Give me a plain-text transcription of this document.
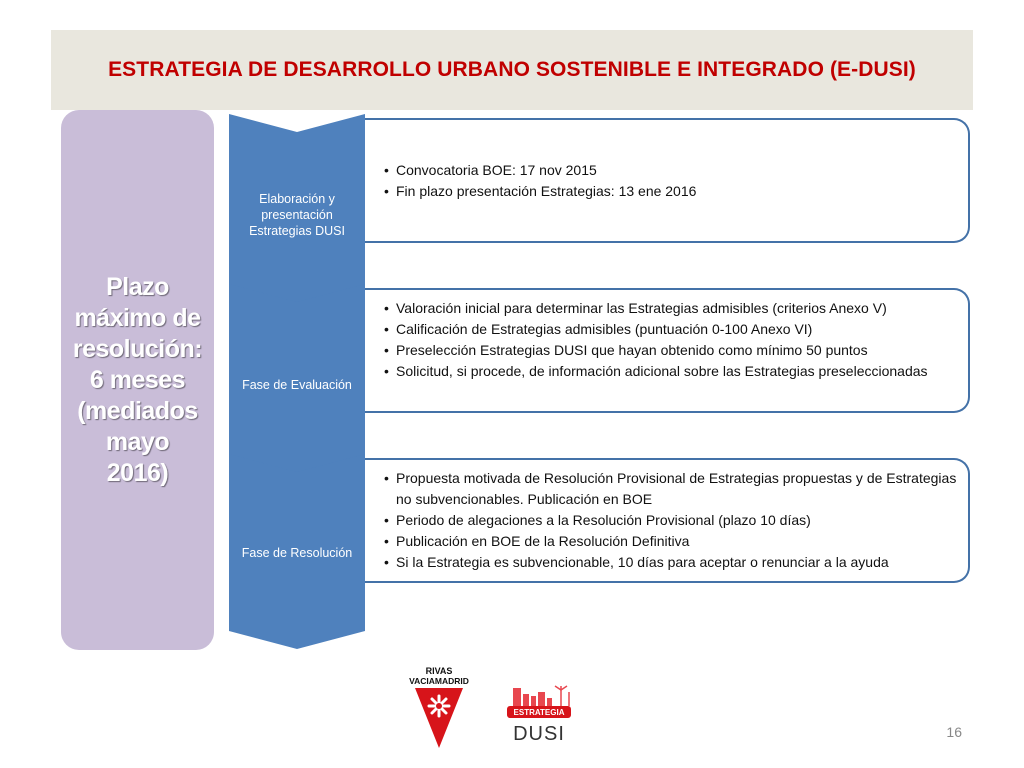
ESTRATEGIA DE DESARROLLO URBANO SOSTENIBLE E INTEGRADO (E-DUSI)
Plazo
máximo de
resolución:
6 meses
(mediados
mayo
2016)
• Convocatoria BOE: 17 nov 2015
• Fin plazo presentación Estrategias: 13 ene 2016
• Valoración inicial para determinar las Estrategias admisibles (criterios Anexo V)
• Calificación de Estrategias admisibles (puntuación 0-100 Anexo VI)
• Preselección Estrategias DUSI que hayan obtenido como mínimo 50 puntos
• Solicitud, si procede, de información adicional sobre las Estrategias preseleccionadas
• Propuesta motivada de Resolución Provisional de Estrategias propuestas y de Estrategias no subvencionables. Publicación en BOE
• Periodo de alegaciones a la Resolución Provisional (plazo 10 días)
• Publicación en BOE de la Resolución Definitiva
• Si la Estrategia es subvencionable, 10 días para aceptar o renunciar a la ayuda
Elaboración y presentación Estrategias DUSI
Fase de Evaluación
Fase de Resolución
RIVAS
VACIAMADRID
ESTRATEGIA
DUSI	16
